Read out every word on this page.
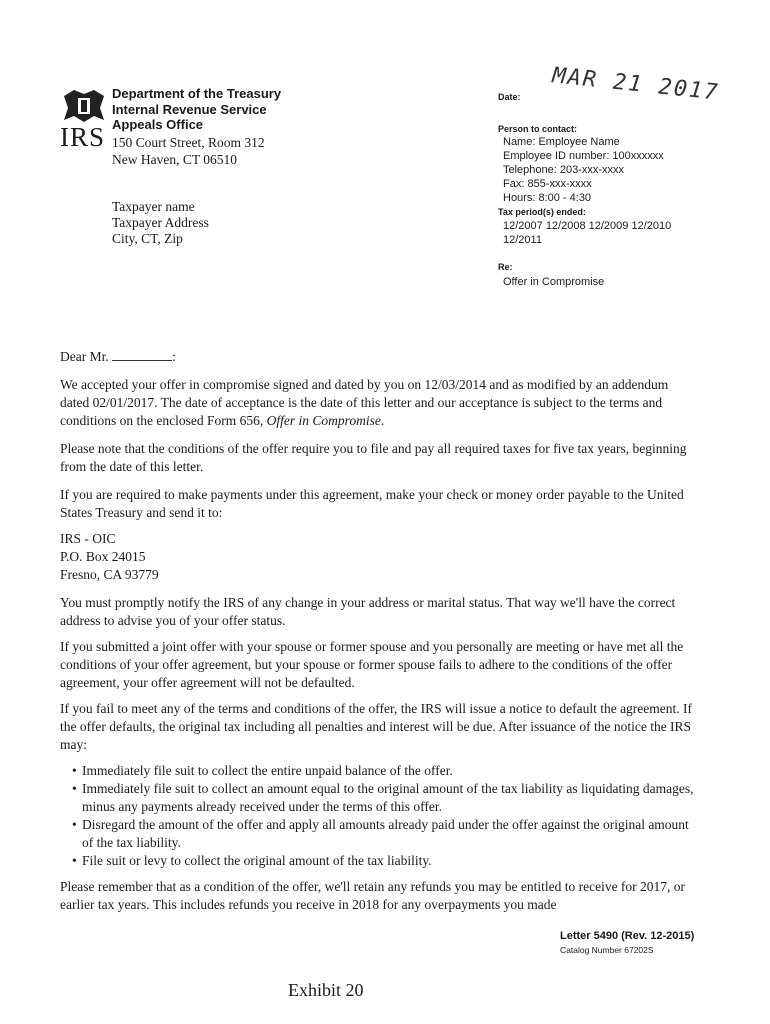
IRS
Department of the Treasury
Internal Revenue Service
Appeals Office
150 Court Street, Room 312
New Haven, CT 06510
Taxpayer name
Taxpayer Address
City, CT, Zip
Date: MAR 21 2017
Person to contact:
Name: Employee Name
Employee ID number: 100xxxxxx
Telephone: 203-xxx-xxxx
Fax: 855-xxx-xxxx
Hours: 8:00 - 4:30
Tax period(s) ended:
12/2007 12/2008 12/2009 12/2010
12/2011
Re:
Offer in Compromise
Dear Mr.	:
We accepted your offer in compromise signed and dated by you on 12/03/2014 and as modified by an addendum dated 02/01/2017. The date of acceptance is the date of this letter and our acceptance is subject to the terms and conditions on the enclosed Form 656, Offer in Compromise.
Please note that the conditions of the offer require you to file and pay all required taxes for five tax years, beginning from the date of this letter.
If you are required to make payments under this agreement, make your check or money order payable to the United States Treasury and send it to:
IRS - OIC
P.O. Box 24015
Fresno, CA 93779
You must promptly notify the IRS of any change in your address or marital status. That way we'll have the correct address to advise you of your offer status.
If you submitted a joint offer with your spouse or former spouse and you personally are meeting or have met all the conditions of your offer agreement, but your spouse or former spouse fails to adhere to the conditions of the offer agreement, your offer agreement will not be defaulted.
If you fail to meet any of the terms and conditions of the offer, the IRS will issue a notice to default the agreement. If the offer defaults, the original tax including all penalties and interest will be due. After issuance of the notice the IRS may:
• Immediately file suit to collect the entire unpaid balance of the offer.
• Immediately file suit to collect an amount equal to the original amount of the tax liability as liquidating damages, minus any payments already received under the terms of this offer.
• Disregard the amount of the offer and apply all amounts already paid under the offer against the original amount of the tax liability.
• File suit or levy to collect the original amount of the tax liability.
Please remember that as a condition of the offer, we'll retain any refunds you may be entitled to receive for 2017, or earlier tax years. This includes refunds you receive in 2018 for any overpayments you made
Letter 5490 (Rev. 12-2015)
Catalog Number 67202S
Exhibit 20
